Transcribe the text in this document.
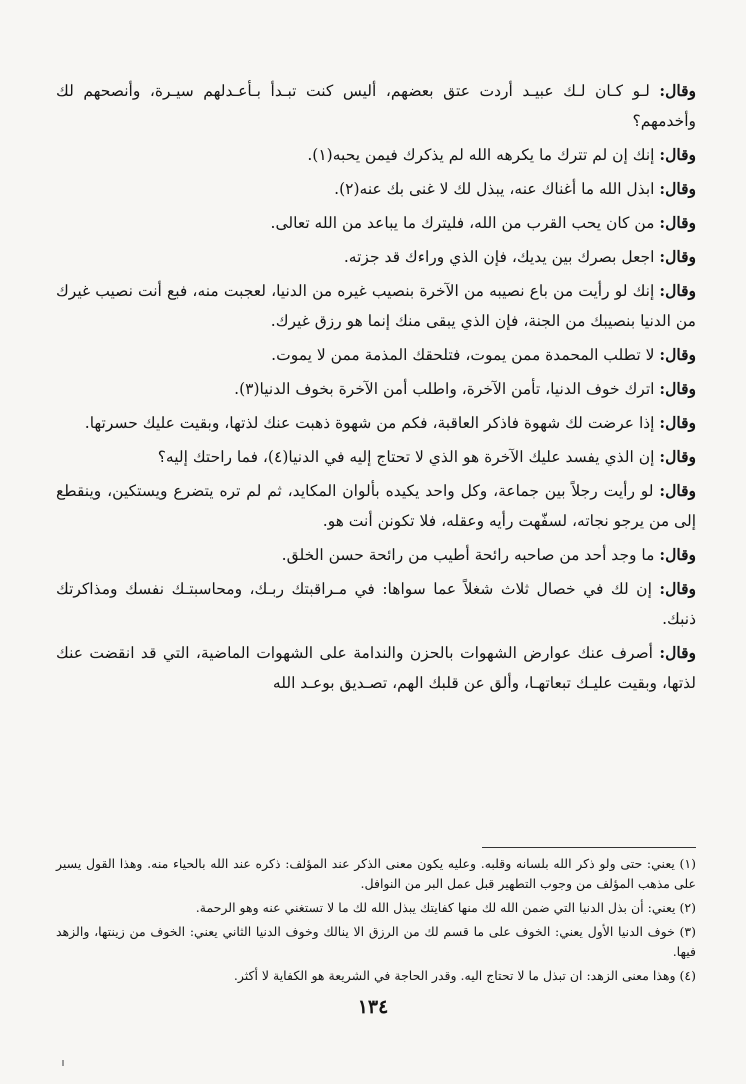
وقال: لـو كـان لـك عبيـد أردت عتق بعضهم، أليس كنت تبـدأ بـأعـدلهم سيـرة، وأنصحهم لك وأخدمهم؟

وقال: إنك إن لم تترك ما يكرهه الله لم يذكرك فيمن يحبه(١).

وقال: ابذل الله ما أغناك عنه، يبذل لك لا غنى بك عنه(٢).

وقال: من كان يحب القرب من الله، فليترك ما يباعد من الله تعالى.

وقال: اجعل بصرك بين يديك، فإن الذي وراءك قد جزته.

وقال: إنك لو رأيت من باع نصيبه من الآخرة بنصيب غيره من الدنيا، لعجبت منه، فبع أنت نصيب غيرك من الدنيا بنصيبك من الجنة، فإن الذي يبقى منك إنما هو رزق غيرك.

وقال: لا تطلب المحمدة ممن يموت، فتلحقك المذمة ممن لا يموت.

وقال: اترك خوف الدنيا، تأمن الآخرة، واطلب أمن الآخرة بخوف الدنيا(٣).

وقال: إذا عرضت لك شهوة فاذكر العاقبة، فكم من شهوة ذهبت عنك لذتها، وبقيت عليك حسرتها.

وقال: إن الذي يفسد عليك الآخرة هو الذي لا تحتاج إليه في الدنيا(٤)، فما راحتك إليه؟

وقال: لو رأيت رجلاً بين جماعة، وكل واحد يكيده بألوان المكايد، ثم لم تره يتضرع ويستكين، وينقطع إلى من يرجو نجاته، لسفّهت رأيه وعقله، فلا تكونن أنت هو.

وقال: ما وجد أحد من صاحبه رائحة أطيب من رائحة حسن الخلق.

وقال: إن لك في خصال ثلاث شغلاً عما سواها: في مـراقبتك ربـك، ومحاسبتـك نفسك ومذاكرتك ذنبك.

وقال: أصرف عنك عوارض الشهوات بالحزن والندامة على الشهوات الماضية، التي قد انقضت عنك لذتها، وبقيت عليـك تبعاتهـا، وألق عن قلبك الهم، تصـديق بوعـد الله

(١) يعني: حتى ولو ذكر الله بلسانه وقلبه. وعليه يكون معنى الذكر عند المؤلف: ذكره عند الله بالحياء منه. وهذا القول يسير على مذهب المؤلف من وجوب التطهير قبل عمل البر من النوافل.

(٢) يعني: أن بذل الدنيا التي ضمن الله لك منها كفايتك يبذل الله لك ما لا تستغني عنه وهو الرحمة.

(٣) خوف الدنيا الأول يعني: الخوف على ما قسم لك من الرزق الا ينالك وخوف الدنيا الثاني يعني: الخوف من زينتها، والزهد فيها.

(٤) وهذا معنى الزهد: ان تبذل ما لا تحتاج اليه. وقدر الحاجة في الشريعة هو الكفاية لا أكثر.

١٣٤
